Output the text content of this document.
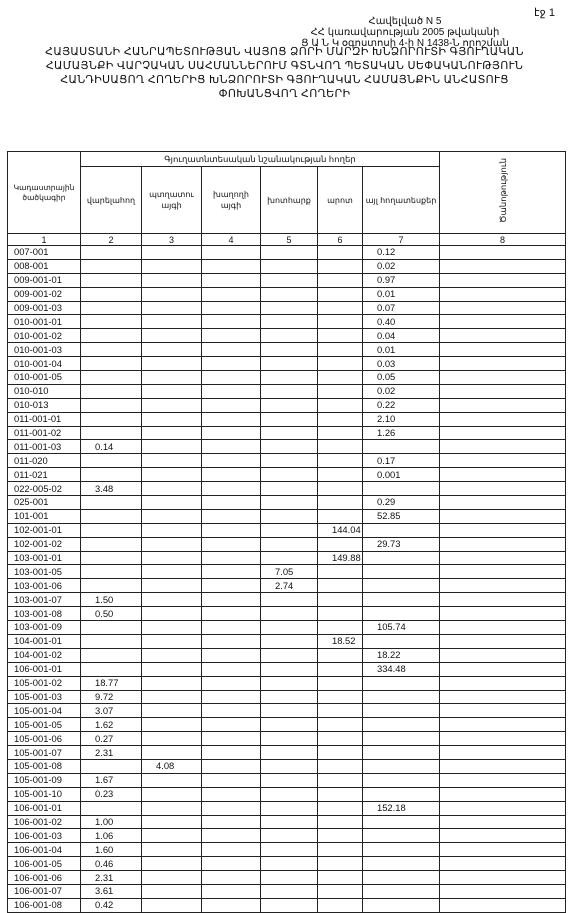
էջ 1
Հավելված N 5
ՀՀ կառավարության 2005 թվականի
Ց Ա Ն Կ օգոստոսի 4-ի N 1438-Ն որոշման
ՀԱՅԱՍՏԱՆԻ ՀԱՆՐԱՊԵՏՈՒԹՅԱՆ ՎԱՅՈՑ ՁՈՐԻ ՄԱՐԶԻ ԽՆՁՈՐՈՒՏԻ ԳՅՈՒՂԱԿԱՆ
ՀԱՄԱՅՆՔԻ ՎԱՐՉԱԿԱՆ ՍԱՀՄԱՆՆԵՐՈՒՄ ԳՏՆՎՈՂ ՊԵՏԱԿԱՆ ՍԵՓԱԿԱՆՈՒԹՅՈՒՆ
ՀԱՆԴԻՍԱՑՈՂ ՀՈՂԵՐԻՑ ԽՆՁՈՐՈՒՏԻ ԳՅՈՒՂԱԿԱՆ ՀԱՄԱՅՆՔԻՆ ԱՆՀԱՏՈՒՑ
ՓՈԽԱՆՑՎՈՂ ՀՈՂԵՐԻ
Կադաստրային ծածկագիր	Գյուղատնտեսական նշանակության հողեր						Ծանոթություն
	վարելահող	պտղատու այգի	խաղողի այգի	խոտհարք	արոտ	այլ հողատեսքեր	
1	2	3	4	5	6	7	8
007-001						0.12	
008-001						0.02	
009-001-01						0.97	
009-001-02						0.01	
009-001-03						0.07	
010-001-01						0.40	
010-001-02						0.04	
010-001-03						0.01	
010-001-04						0.03	
010-001-05						0.05	
010-010						0.02	
010-013						0.22	
011-001-01						2.10	
011-001-02						1.26	
011-001-03	0.14						
011-020						0.17	
011-021						0.001	
022-005-02	3.48						
025-001						0.29	
101-001						52.85	
102-001-01					144.04		
102-001-02						29.73	
103-001-01					149.88		
103-001-05				7.05			
103-001-06				2.74			
103-001-07	1.50						
103-001-08	0.50						
103-001-09						105.74	
104-001-01					18.52		
104-001-02						18.22	
106-001-01						334.48	
105-001-02	18.77						
105-001-03	9.72						
105-001-04	3.07						
105-001-05	1.62						
105-001-06	0.27						
105-001-07	2.31						
105-001-08		4.08					
105-001-09	1.67						
105-001-10	0.23						
106-001-01						152.18	
106-001-02	1.00						
106-001-03	1.06						
106-001-04	1.60						
106-001-05	0.46						
106-001-06	2.31						
106-001-07	3.61						
106-001-08	0.42						
